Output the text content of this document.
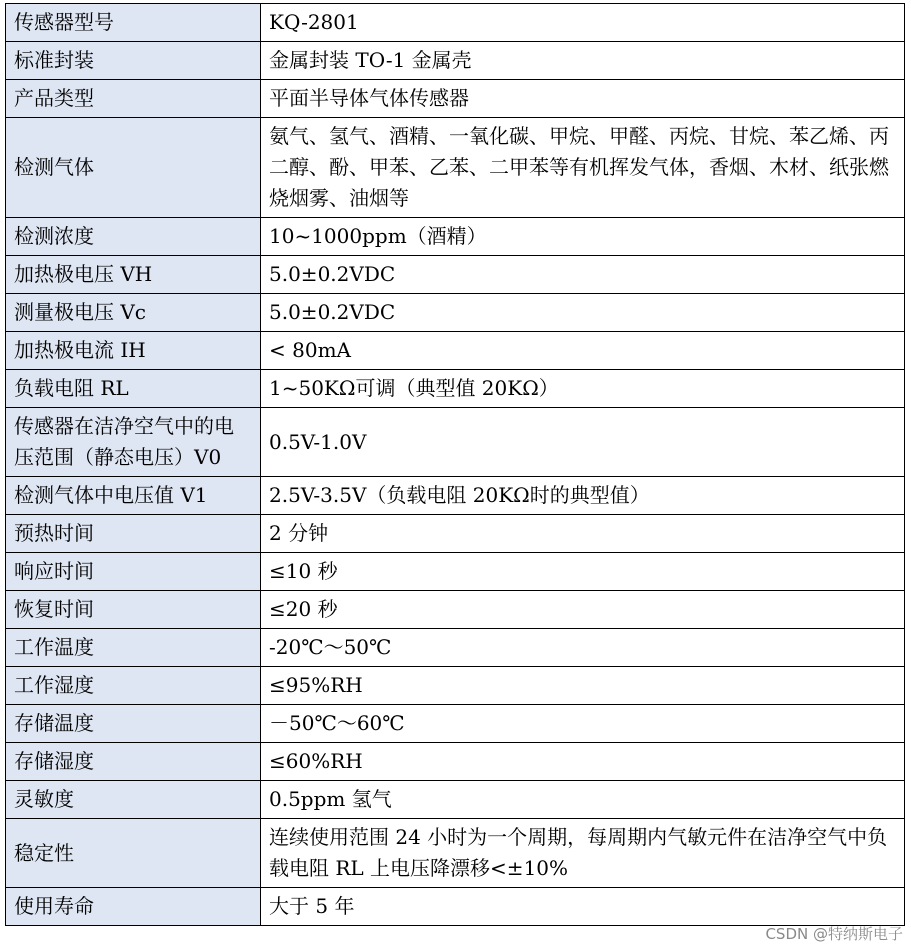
传感器型号	KQ-2801
标准封装	金属封装 TO-1 金属壳
产品类型	平面半导体气体传感器
检测气体	氨气、氢气、酒精、一氧化碳、甲烷、甲醛、丙烷、甘烷、苯乙烯、丙二醇、酚、甲苯、乙苯、二甲苯等有机挥发气体，香烟、木材、纸张燃烧烟雾、油烟等
检测浓度	10~1000ppm（酒精）
加热极电压 VH	5.0±0.2VDC
测量极电压 Vc	5.0±0.2VDC
加热极电流 IH	< 80mA
负载电阻 RL	1~50KΩ可调（典型值 20KΩ）
传感器在洁净空气中的电压范围（静态电压）V0	0.5V-1.0V
检测气体中电压值 V1	2.5V-3.5V（负载电阻 20KΩ时的典型值）
预热时间	2 分钟
响应时间	≤10 秒
恢复时间	≤20 秒
工作温度	-20℃～50℃
工作湿度	≤95%RH
存储温度	－50℃～60℃
存储湿度	≤60%RH
灵敏度	0.5ppm 氢气
稳定性	连续使用范围 24 小时为一个周期，每周期内气敏元件在洁净空气中负载电阻 RL 上电压降漂移<±10%
使用寿命	大于 5 年
CSDN @特纳斯电子
